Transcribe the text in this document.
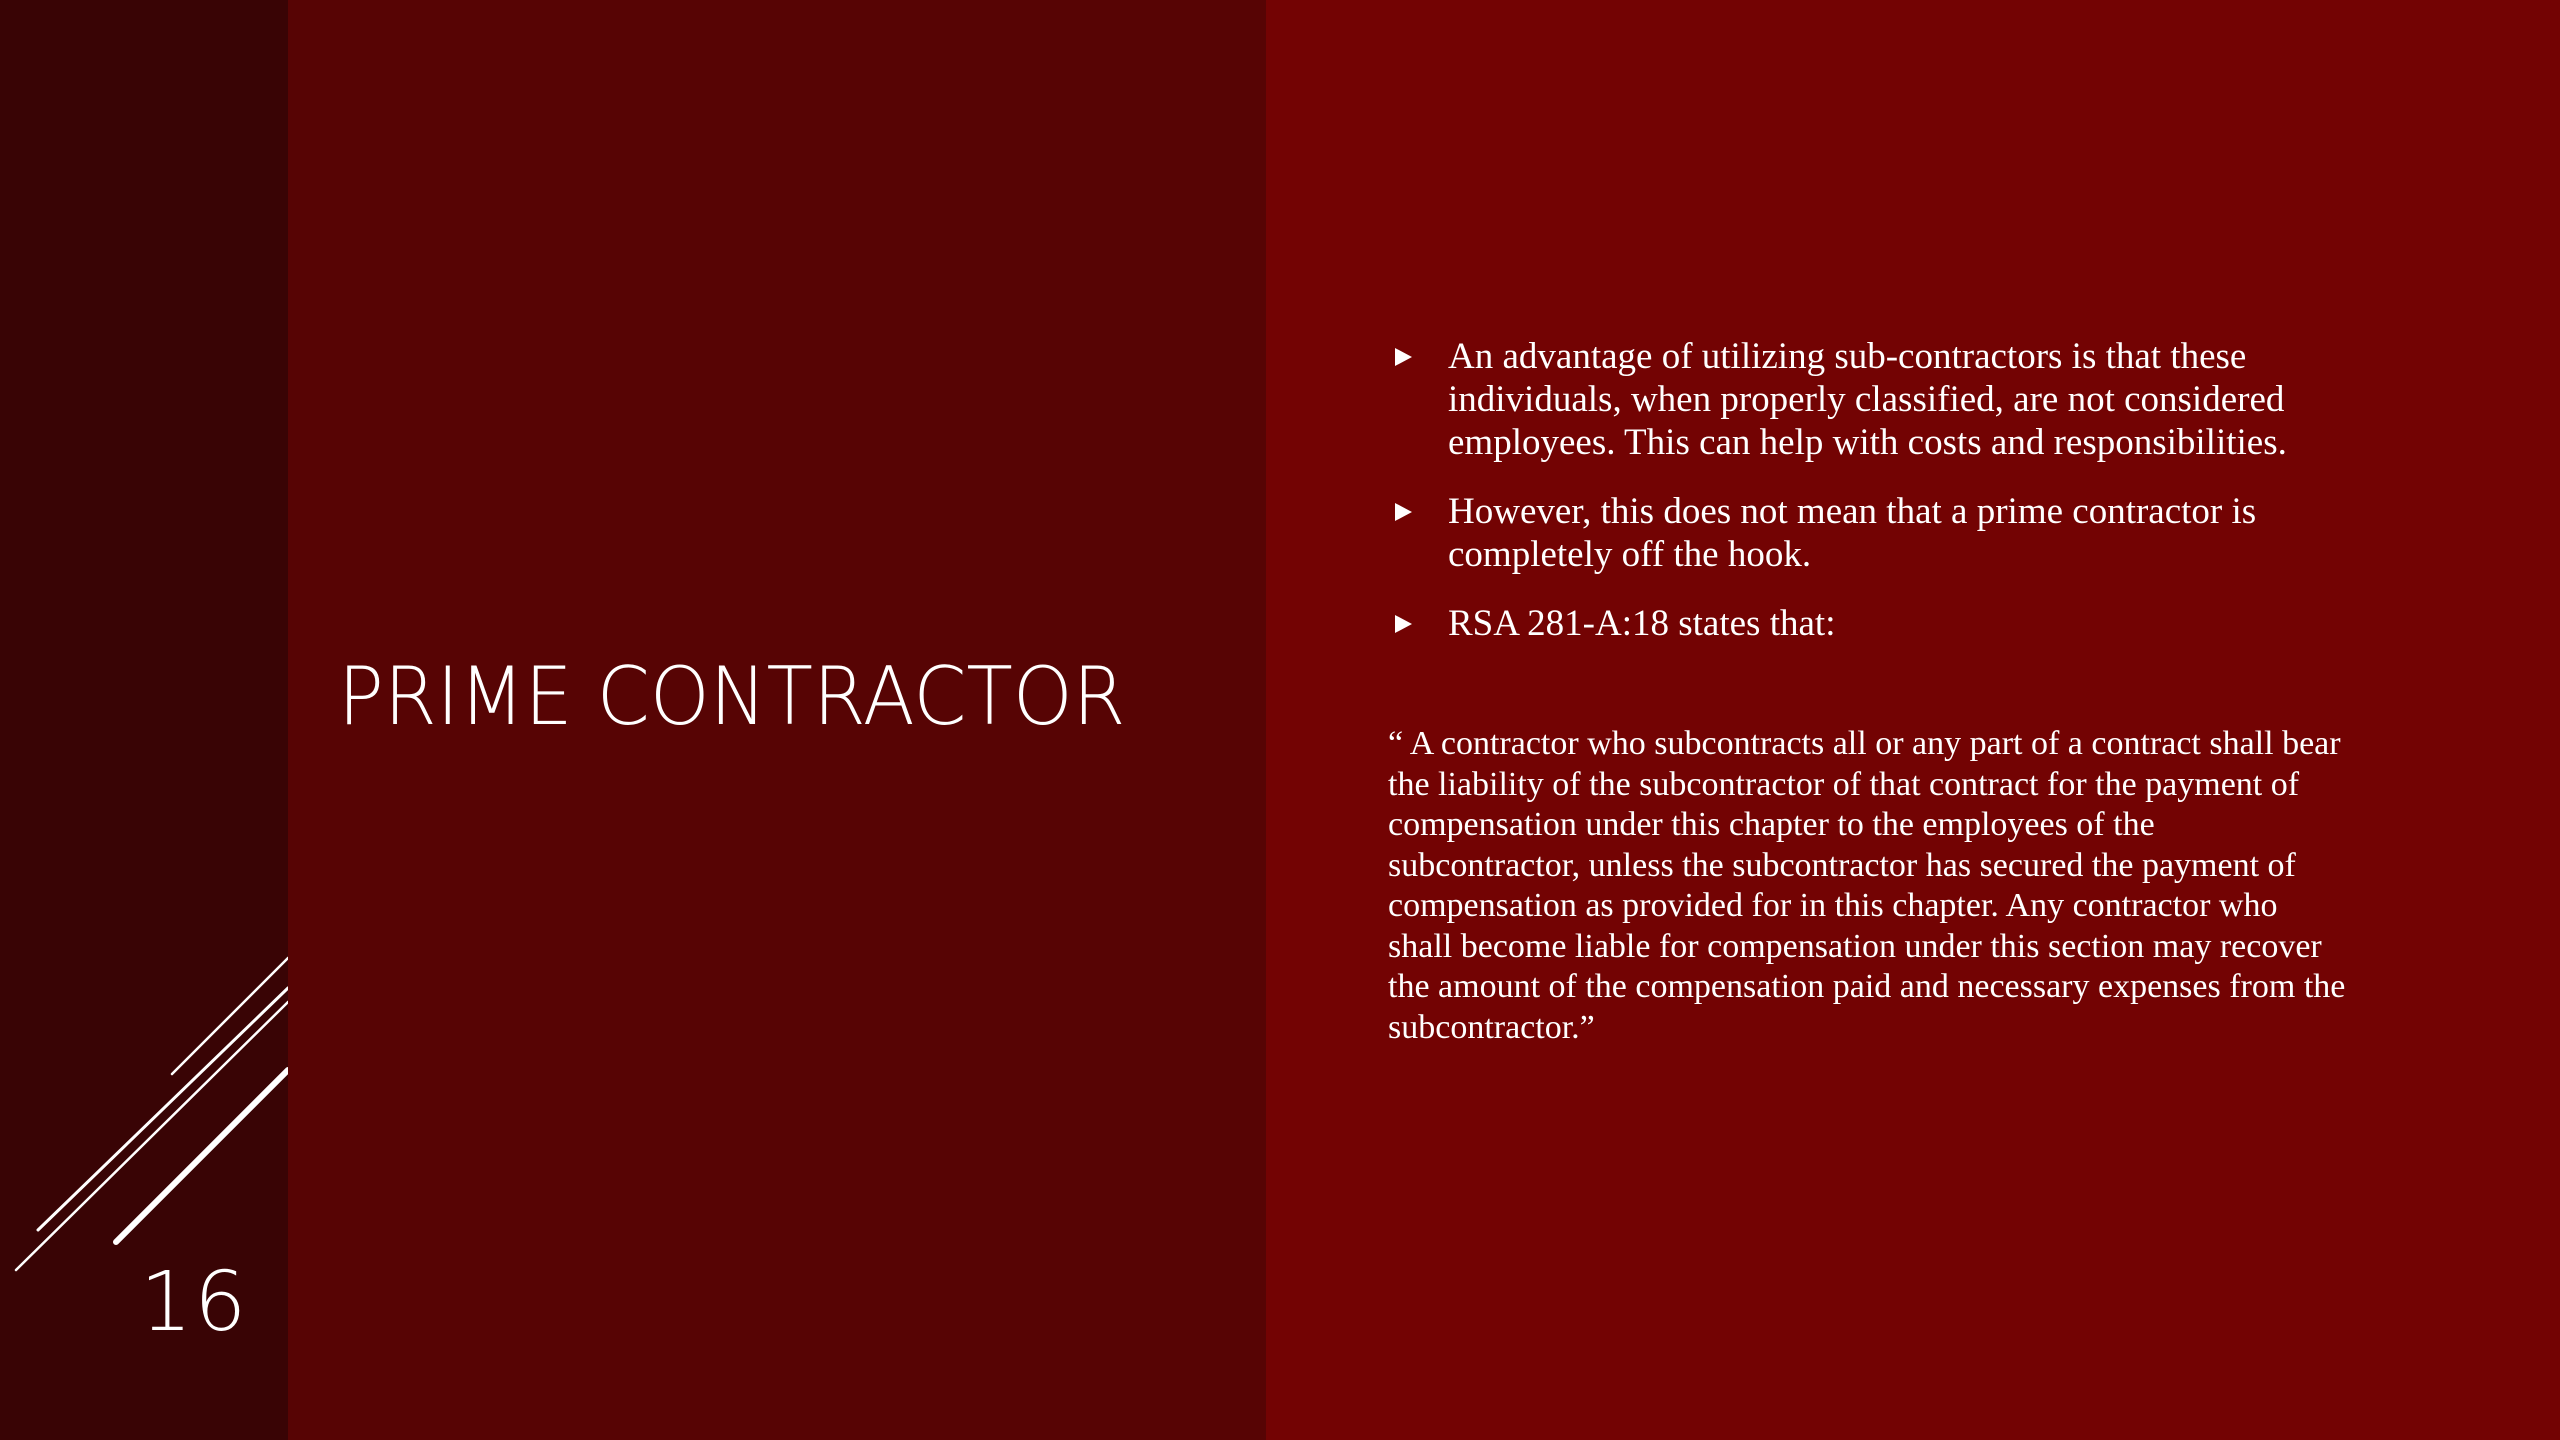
16
PRIME CONTRACTOR
An advantage of utilizing sub-contractors is that these individuals, when properly classified, are not considered employees. This can help with costs and responsibilities.
However, this does not mean that a prime contractor is completely off the hook.
RSA 281-A:18 states that:

“ A contractor who subcontracts all or any part of a contract shall bear the liability of the subcontractor of that contract for the payment of compensation under this chapter to the employees of the subcontractor, unless the subcontractor has secured the payment of compensation as provided for in this chapter. Any contractor who shall become liable for compensation under this section may recover the amount of the compensation paid and necessary expenses from the subcontractor.”
